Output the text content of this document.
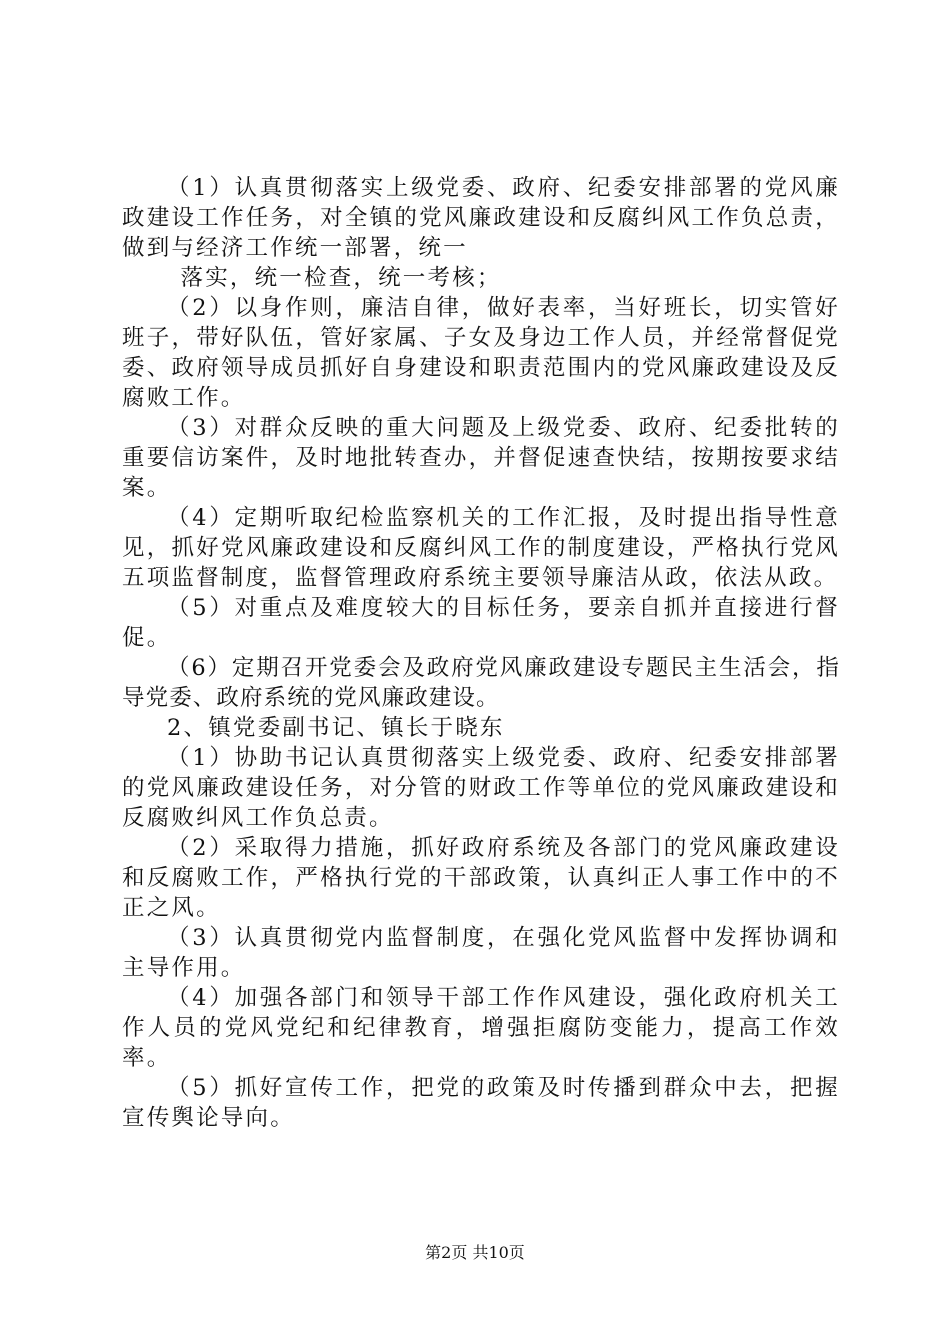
（1）认真贯彻落实上级党委、政府、纪委安排部署的党风廉政建设工作任务，对全镇的党风廉政建设和反腐纠风工作负总责，做到与经济工作统一部署，统一

落实，统一检查，统一考核；

（2）以身作则，廉洁自律，做好表率，当好班长，切实管好班子，带好队伍，管好家属、子女及身边工作人员，并经常督促党委、政府领导成员抓好自身建设和职责范围内的党风廉政建设及反腐败工作。

（3）对群众反映的重大问题及上级党委、政府、纪委批转的重要信访案件，及时地批转查办，并督促速查快结，按期按要求结案。

（4）定期听取纪检监察机关的工作汇报，及时提出指导性意见，抓好党风廉政建设和反腐纠风工作的制度建设，严格执行党风五项监督制度，监督管理政府系统主要领导廉洁从政，依法从政。

（5）对重点及难度较大的目标任务，要亲自抓并直接进行督促。

（6）定期召开党委会及政府党风廉政建设专题民主生活会，指导党委、政府系统的党风廉政建设。

2、镇党委副书记、镇长于晓东

（1）协助书记认真贯彻落实上级党委、政府、纪委安排部署的党风廉政建设任务，对分管的财政工作等单位的党风廉政建设和反腐败纠风工作负总责。

（2）采取得力措施，抓好政府系统及各部门的党风廉政建设和反腐败工作，严格执行党的干部政策，认真纠正人事工作中的不正之风。

（3）认真贯彻党内监督制度，在强化党风监督中发挥协调和主导作用。

（4）加强各部门和领导干部工作作风建设，强化政府机关工作人员的党风党纪和纪律教育，增强拒腐防变能力，提高工作效率。

（5）抓好宣传工作，把党的政策及时传播到群众中去，把握宣传舆论导向。

第2页 共10页
